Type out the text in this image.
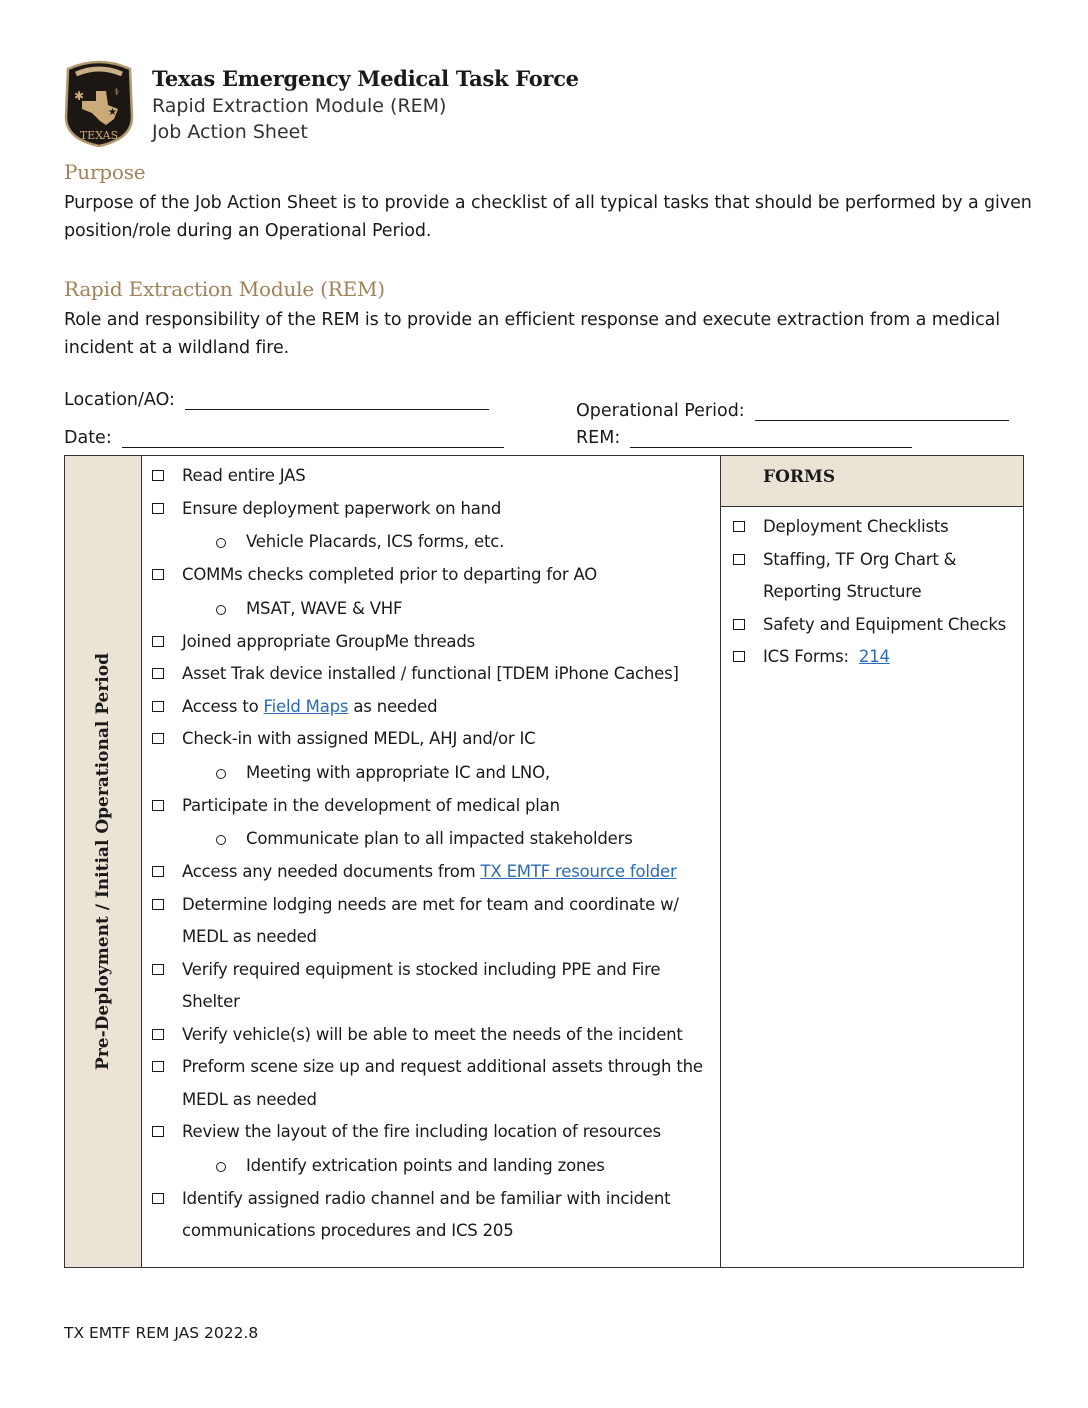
✱	⚕
★
TEXAS
Texas Emergency Medical Task Force
Rapid Extraction Module (REM)
Job Action Sheet
Purpose
Purpose of the Job Action Sheet is to provide a checklist of all typical tasks that should be performed by a given position/role during an Operational Period.
Rapid Extraction Module (REM)
Role and responsibility of the REM is to provide an efficient response and execute extraction from a medical incident at a wildland fire.
Location/AO:
Date:
Operational Period:
REM:
Pre-Deployment / Initial Operational Period

Read entire JAS
Ensure deployment paperwork on hand
Vehicle Placards, ICS forms, etc.
COMMs checks completed prior to departing for AO
MSAT, WAVE & VHF
Joined appropriate GroupMe threads
Asset Trak device installed / functional [TDEM iPhone Caches]
Access to Field Maps as needed
Check-in with assigned MEDL, AHJ and/or IC
Meeting with appropriate IC and LNO,
Participate in the development of medical plan
Communicate plan to all impacted stakeholders
Access any needed documents from TX EMTF resource folder
Determine lodging needs are met for team and coordinate w/ MEDL as needed
Verify required equipment is stocked including PPE and Fire Shelter
Verify vehicle(s) will be able to meet the needs of the incident
Preform scene size up and request additional assets through the MEDL as needed
Review the layout of the fire including location of resources
Identify extrication points and landing zones
Identify assigned radio channel and be familiar with incident communications procedures and ICS 205

FORMS
Deployment Checklists
Staffing, TF Org Chart & Reporting Structure
Safety and Equipment Checks
ICS Forms:  214
TX EMTF REM JAS 2022.8
